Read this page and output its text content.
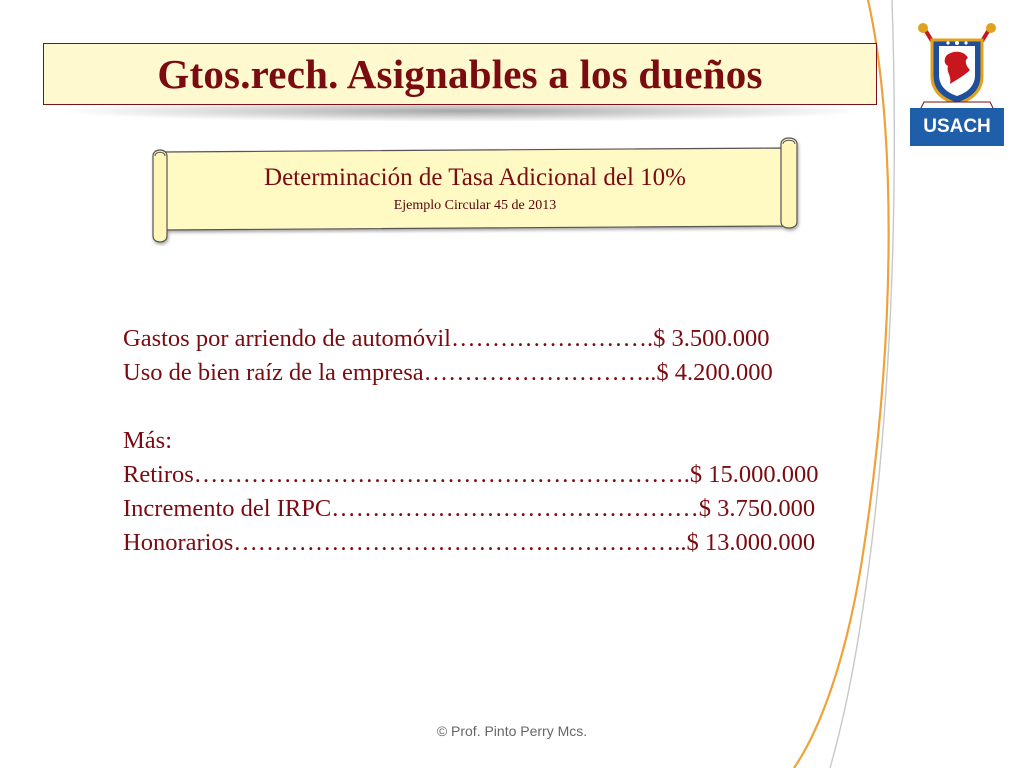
Gtos.rech. Asignables a los dueños
Determinación de Tasa Adicional del 10%
Ejemplo Circular 45 de 2013
Gastos por arriendo de automóvil…………………….$ 3.500.000
Uso de bien raíz de la empresa………………………..$ 4.200.000
Más:
Retiros…………………………………………………….$ 15.000.000
Incremento del IRPC………………………………………$ 3.750.000
Honorarios………………………………………………..$ 13.000.000
USACH
© Prof. Pinto Perry Mcs.
